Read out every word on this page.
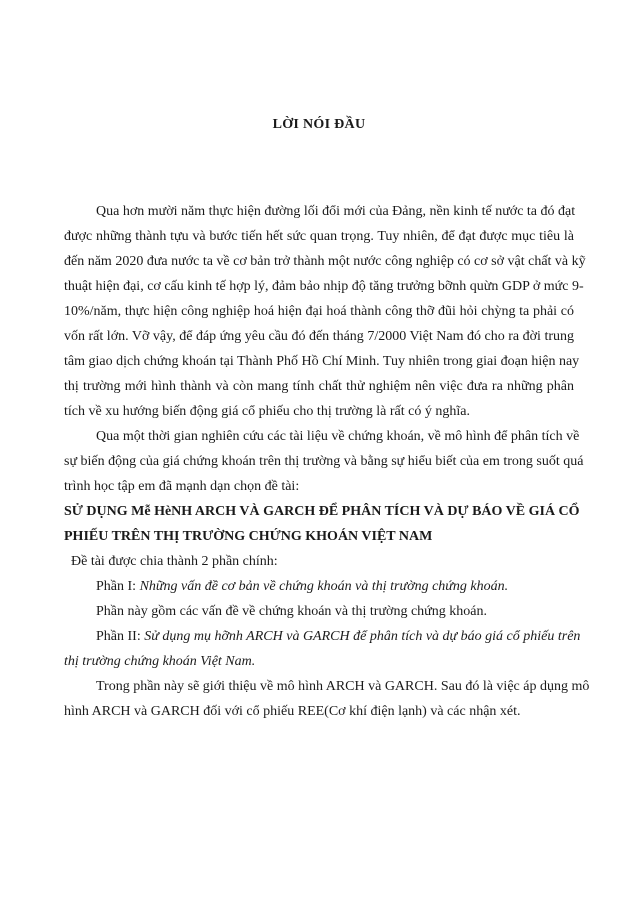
LỜI NÓI ĐẦU
Qua hơn mười năm thực hiện đường lối đổi mới của Đảng, nền kinh tế nước ta đó đạt
được những thành tựu và bước tiến hết sức quan trọng. Tuy nhiên, để đạt được mục tiêu là
đến năm 2020 đưa nước ta về cơ bản trở thành một nước công nghiệp có cơ sở vật chất và kỹ
thuật hiện đại, cơ cấu kinh tế hợp lý, đảm bảo nhịp độ tăng trưởng bỡnh quừn GDP ở mức 9-
10%/năm, thực hiện công nghiệp hoá hiện đại hoá thành công thỡ đũi hỏi chỳng ta phải có
vốn rất lớn. Vỡ vậy, để đáp ứng yêu cầu đó đến tháng 7/2000 Việt Nam đó cho ra đời trung
tâm giao dịch chứng khoán tại Thành Phố Hồ Chí Minh. Tuy nhiên trong giai đoạn hiện nay
thị trường mới hình thành và còn mang tính chất thử nghiệm nên việc đưa ra những phân
tích về xu hướng biến động giá cổ phiếu cho thị trường là rất có ý nghĩa.
Qua một thời gian nghiên cứu các tài liệu về chứng khoán, về mô hình để phân tích về
sự biến động của giá chứng khoán trên thị trường và bằng sự hiểu biết của em trong suốt quá
trình học tập em đã mạnh dạn chọn đề tài:
SỬ DỤNG Mễ HèNH ARCH VÀ GARCH ĐỂ PHÂN TÍCH VÀ DỰ BÁO VỀ GIÁ CỔ
PHIẾU TRÊN THỊ TRƯỜNG CHỨNG KHOÁN VIỆT NAM
Đề tài được chia thành 2 phần chính:
Phần I: Những vấn đề cơ bản về chứng khoán và thị trường chứng khoán.
Phần này gồm các vấn đề về chứng khoán và thị trường chứng khoán.
Phần II: Sử dụng mụ hỡnh ARCH và GARCH để phân tích và dự báo giá cổ phiếu trên
thị trường chứng khoán Việt Nam.
Trong phần này sẽ giới thiệu về mô hình ARCH và GARCH. Sau đó là việc áp dụng mô
hình ARCH và GARCH đối với cổ phiếu REE(Cơ khí điện lạnh) và các nhận xét.
